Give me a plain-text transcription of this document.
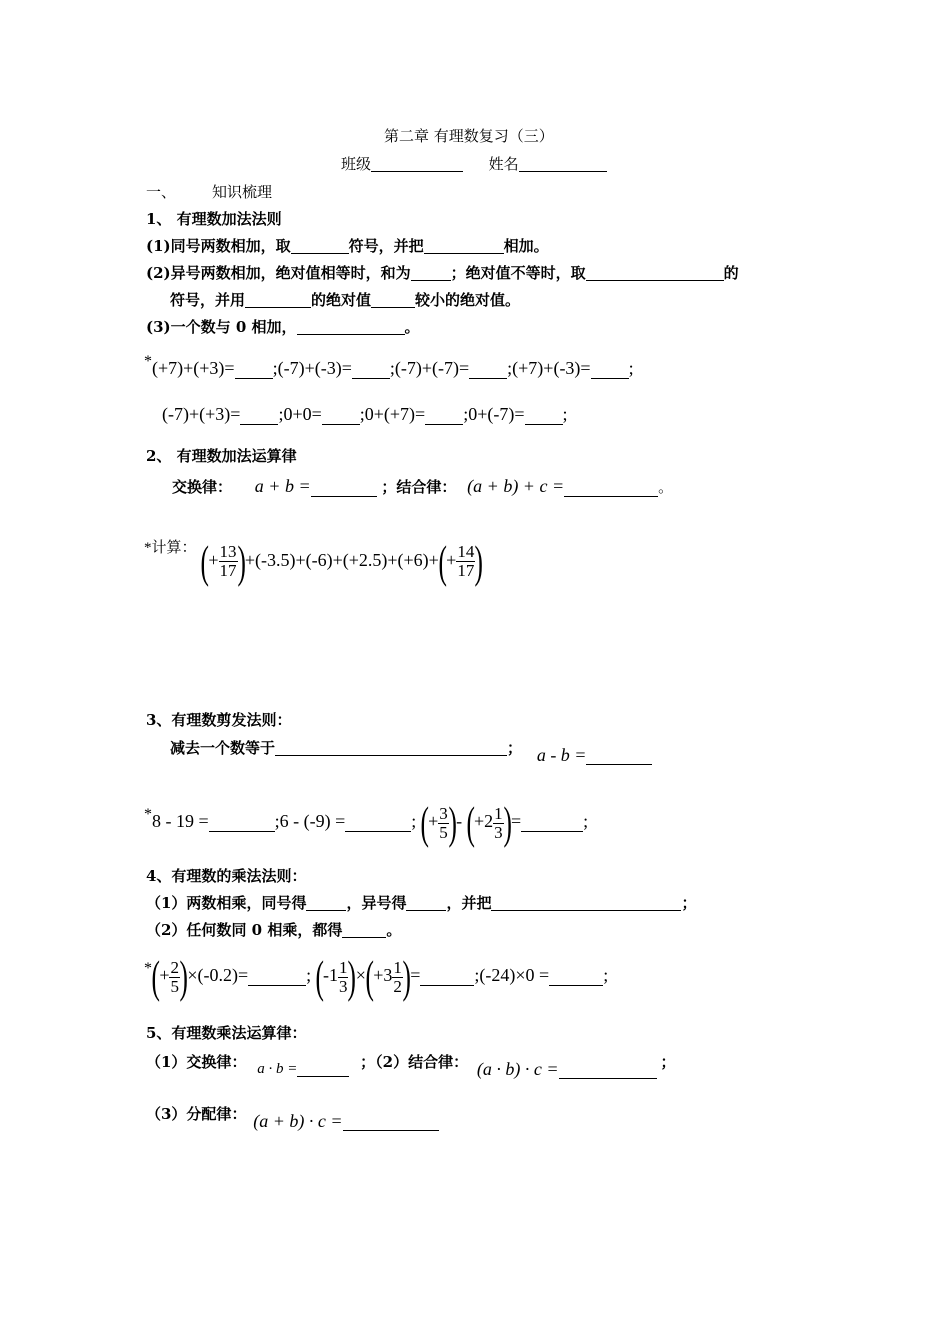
第二章 有理数复习（三）
班级	姓名
一、 知识梳理
1、 有理数加法法则
(1)同号两数相加，取	符号，并把	相加。
(2)异号两数相加，绝对值相等时，和为	；绝对值不等时，取	的
符号，并用	的绝对值	较小的绝对值。
(3)一个数与 0 相加，	。
*(+7)+(+3)= ;(-7)+(-3)= ;(-7)+(-7)= ;(+7)+(-3)= ;
(-7)+(+3)= ;0+0= ;0+(+7)= ;0+(-7)= ;
2、 有理数加法运算律
交换律： a + b =	；结合律： (a + b) + c =	。
$^{*计算:}$ (+ $\frac{13}{17} )+(-3.5)+(-6)+(+2.5)+(+6)+(+ \frac{14}{17}$ )
3、有理数剪发法则：
减去一个数等于	； a - b =
*8 - 19 =	;6 - (-9) =	; (+ $\frac{3}{5}$ )- ($+2 \frac{1}{3}$ )=	;
4、有理数的乘法法则：
（1）两数相乘，同号得	，异号得	，并把	；
（2）任何数同 0 相乘，都得	。
*(+ $\frac{2}{5} )\times(-0.2)=$	; $(-1 \frac{1}{3} )\times(+3 \frac{1}{2}$ )=	;(-24)×0 =	;
5、有理数乘法运算律：
（1）交换律： a · b =	；（2）结合律： (a · b) · c =	；
（3）分配律： (a + b) · c =
